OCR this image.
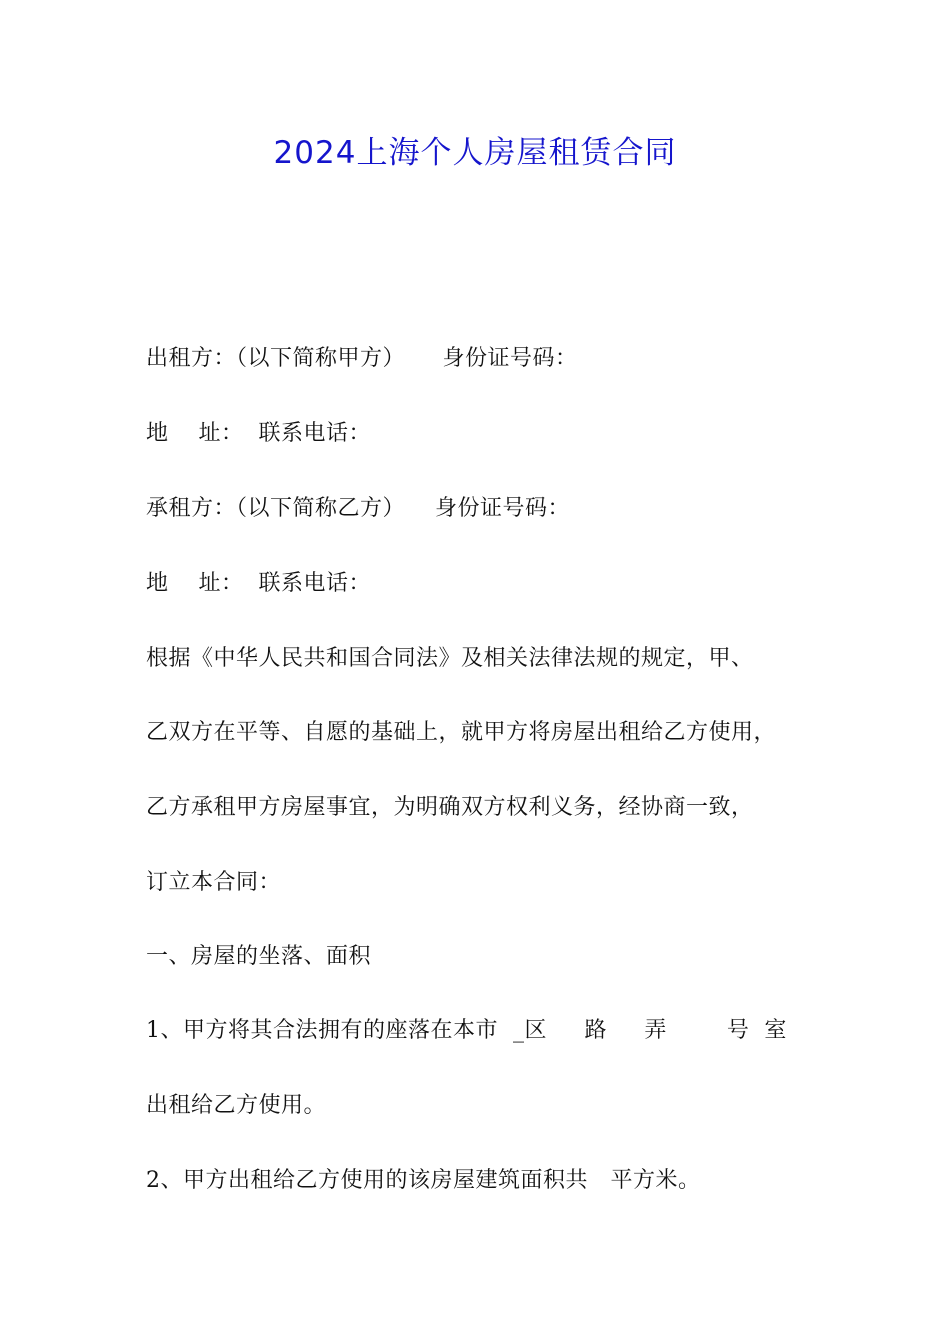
2024上海个人房屋租赁合同
出租方：（以下简称甲方）     身份证号码：
地    址：  联系电话：
承租方：（以下简称乙方）    身份证号码：
地    址：  联系电话：
根据《中华人民共和国合同法》及相关法律法规的规定，甲、
乙双方在平等、自愿的基础上，就甲方将房屋出租给乙方使用，
乙方承租甲方房屋事宜，为明确双方权利义务，经协商一致，
订立本合同：
一、房屋的坐落、面积
1、甲方将其合法拥有的座落在本市  _区     路     弄        号  室
出租给乙方使用。
2、甲方出租给乙方使用的该房屋建筑面积共   平方米。
